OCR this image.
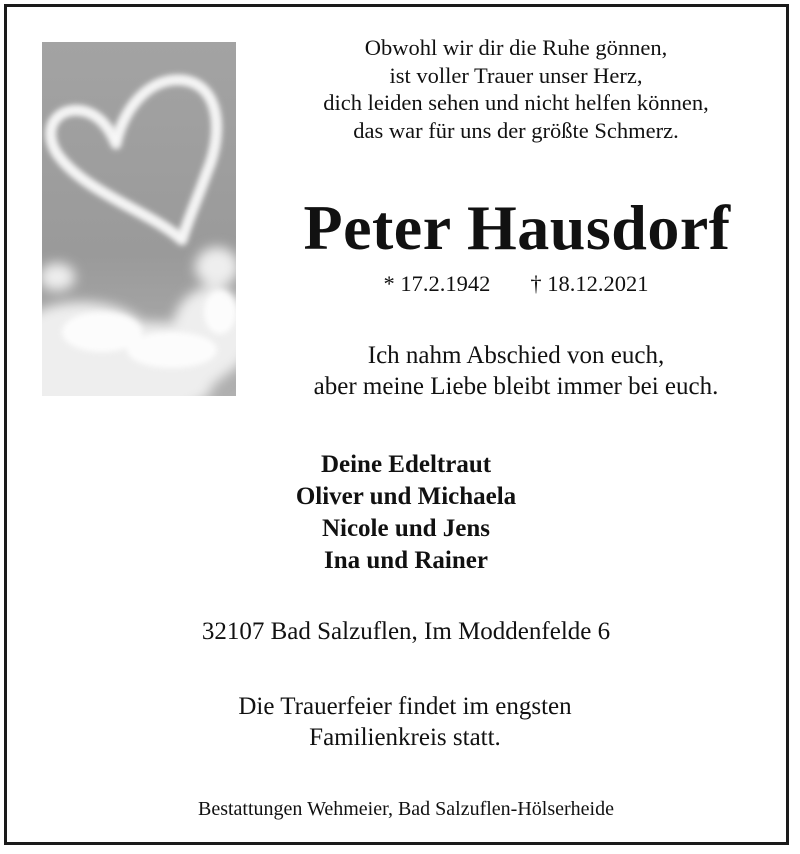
Obwohl wir dir die Ruhe gönnen,
ist voller Trauer unser Herz,
dich leiden sehen und nicht helfen können,
das war für uns der größte Schmerz.
Peter Hausdorf
* 17.2.1942 † 18.12.2021
Ich nahm Abschied von euch,
aber meine Liebe bleibt immer bei euch.
Deine Edeltraut
Oliver und Michaela
Nicole und Jens
Ina und Rainer
32107 Bad Salzuflen, Im Moddenfelde 6
Die Trauerfeier findet im engsten
Familienkreis statt.
Bestattungen Wehmeier, Bad Salzuflen-Hölserheide
